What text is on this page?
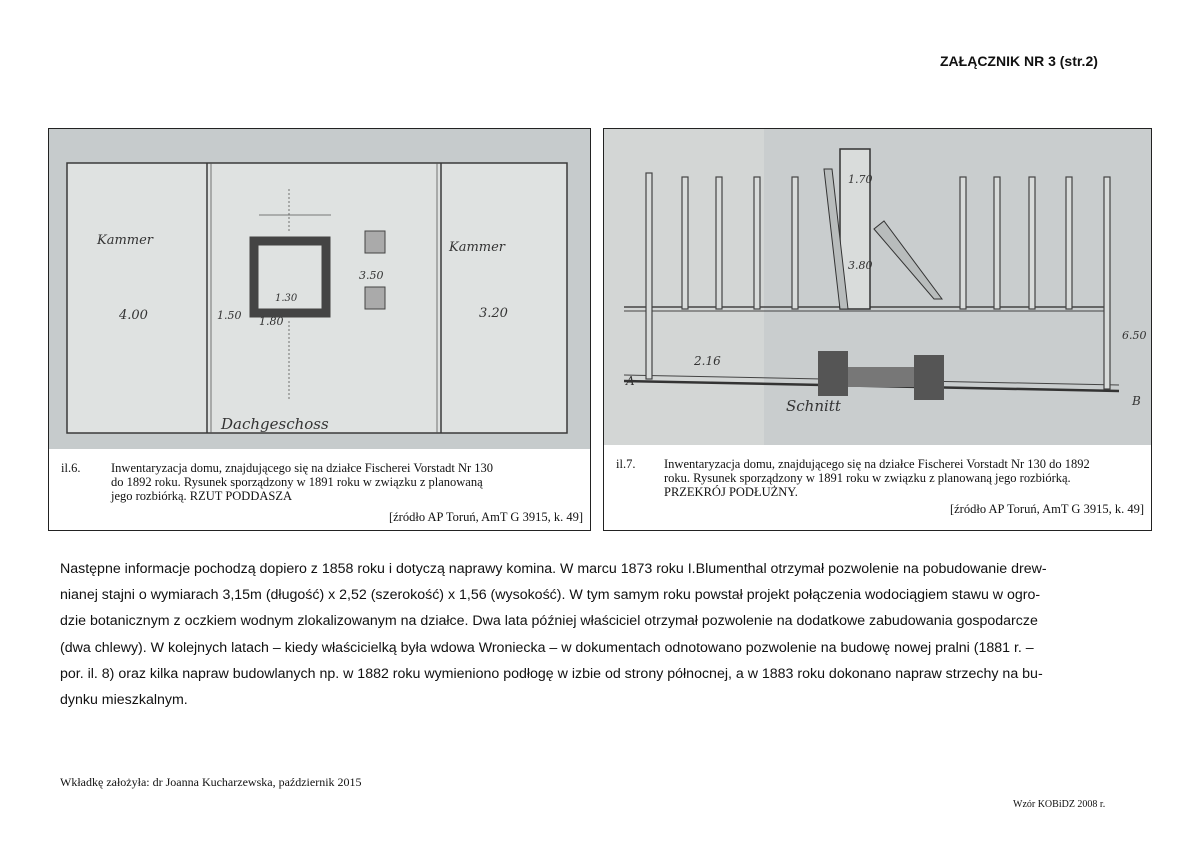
ZAŁĄCZNIK NR 3 (str.2)
Kammer	Kammer
4.00	3.20
3.50
1.50
1.30
1.80
Dachgeschoss
il.6. Inwentaryzacja domu, znajdującego się na działce Fischerei Vorstadt Nr 130
do 1892 roku. Rysunek sporządzony w 1891 roku w związku z planowaną
jego rozbiórką. RZUT PODDASZA
[źródło AP Toruń, AmT G 3915, k. 49]
1.70
3.80
2.16
6.50
A
B
Schnitt
il.7. Inwentaryzacja domu, znajdującego się na działce Fischerei Vorstadt Nr 130 do 1892
roku. Rysunek sporządzony w 1891 roku w związku z planowaną jego rozbiórką.
PRZEKRÓJ PODŁUŻNY.
[źródło AP Toruń, AmT G 3915, k. 49]
Następne informacje pochodzą dopiero z 1858 roku i dotyczą naprawy komina. W marcu 1873 roku I.Blumenthal otrzymał pozwolenie na pobudowanie drew-
nianej stajni o wymiarach 3,15m (długość) x 2,52 (szerokość) x 1,56 (wysokość). W tym samym roku powstał projekt połączenia wodociągiem stawu w ogro-
dzie botanicznym z oczkiem wodnym zlokalizowanym na działce. Dwa lata później właściciel otrzymał pozwolenie na dodatkowe zabudowania gospodarcze
(dwa chlewy). W kolejnych latach – kiedy właścicielką była wdowa Wroniecka – w dokumentach odnotowano pozwolenie na budowę nowej pralni (1881 r. –
por. il. 8) oraz kilka napraw budowlanych np. w 1882 roku wymieniono podłogę w izbie od strony północnej, a w 1883 roku dokonano napraw strzechy na bu-
dynku mieszkalnym.
Wkładkę założyła: dr Joanna Kucharzewska, październik 2015
Wzór KOBiDZ 2008 r.
